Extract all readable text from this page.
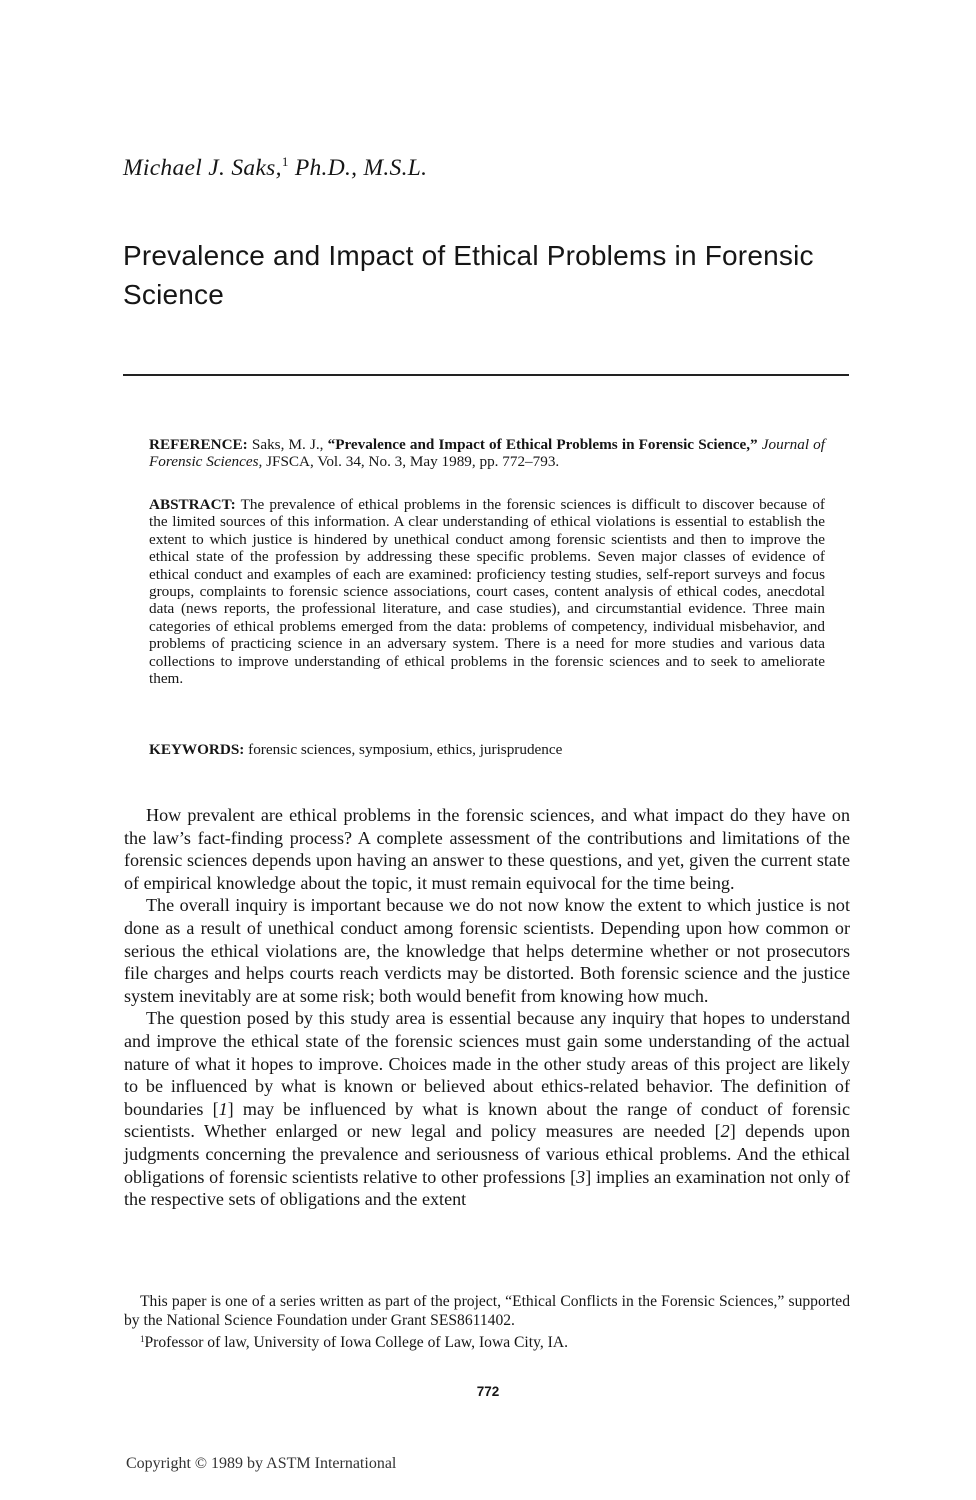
Michael J. Saks,$^1$ Ph.D., M.S.L.
Prevalence and Impact of Ethical Problems in Forensic Science
REFERENCE: Saks, M. J., “Prevalence and Impact of Ethical Problems in Forensic Science,” Journal of Forensic Sciences, JFSCA, Vol. 34, No. 3, May 1989, pp. 772–793.
ABSTRACT: The prevalence of ethical problems in the forensic sciences is difficult to discover because of the limited sources of this information. A clear understanding of ethical violations is essential to establish the extent to which justice is hindered by unethical conduct among forensic scientists and then to improve the ethical state of the profession by addressing these specific problems. Seven major classes of evidence of ethical conduct and examples of each are examined: proficiency testing studies, self-report surveys and focus groups, complaints to forensic science associations, court cases, content analysis of ethical codes, anecdotal data (news reports, the professional literature, and case studies), and circumstantial evidence. Three main categories of ethical problems emerged from the data: problems of competency, individual misbehavior, and problems of practicing science in an adversary system. There is a need for more studies and various data collections to improve understanding of ethical problems in the forensic sciences and to seek to ameliorate them.
KEYWORDS: forensic sciences, symposium, ethics, jurisprudence

How prevalent are ethical problems in the forensic sciences, and what impact do they have on the law’s fact-finding process? A complete assessment of the contributions and limitations of the forensic sciences depends upon having an answer to these questions, and yet, given the current state of empirical knowledge about the topic, it must remain equivocal for the time being.

The overall inquiry is important because we do not now know the extent to which justice is not done as a result of unethical conduct among forensic scientists. Depending upon how common or serious the ethical violations are, the knowledge that helps determine whether or not prosecutors file charges and helps courts reach verdicts may be distorted. Both forensic science and the justice system inevitably are at some risk; both would benefit from knowing how much.

The question posed by this study area is essential because any inquiry that hopes to understand and improve the ethical state of the forensic sciences must gain some understanding of the actual nature of what it hopes to improve. Choices made in the other study areas of this project are likely to be influenced by what is known or believed about ethics-related behavior. The definition of boundaries [1] may be influenced by what is known about the range of conduct of forensic scientists. Whether enlarged or new legal and policy measures are needed [2] depends upon judgments concerning the prevalence and seriousness of various ethical problems. And the ethical obligations of forensic scientists relative to other professions [3] implies an examination not only of the respective sets of obligations and the extent

This paper is one of a series written as part of the project, “Ethical Conflicts in the Forensic Sciences,” supported by the National Science Foundation under Grant SES8611402.

$^1$Professor of law, University of Iowa College of Law, Iowa City, IA.

772
Copyright © 1989 by ASTM International
